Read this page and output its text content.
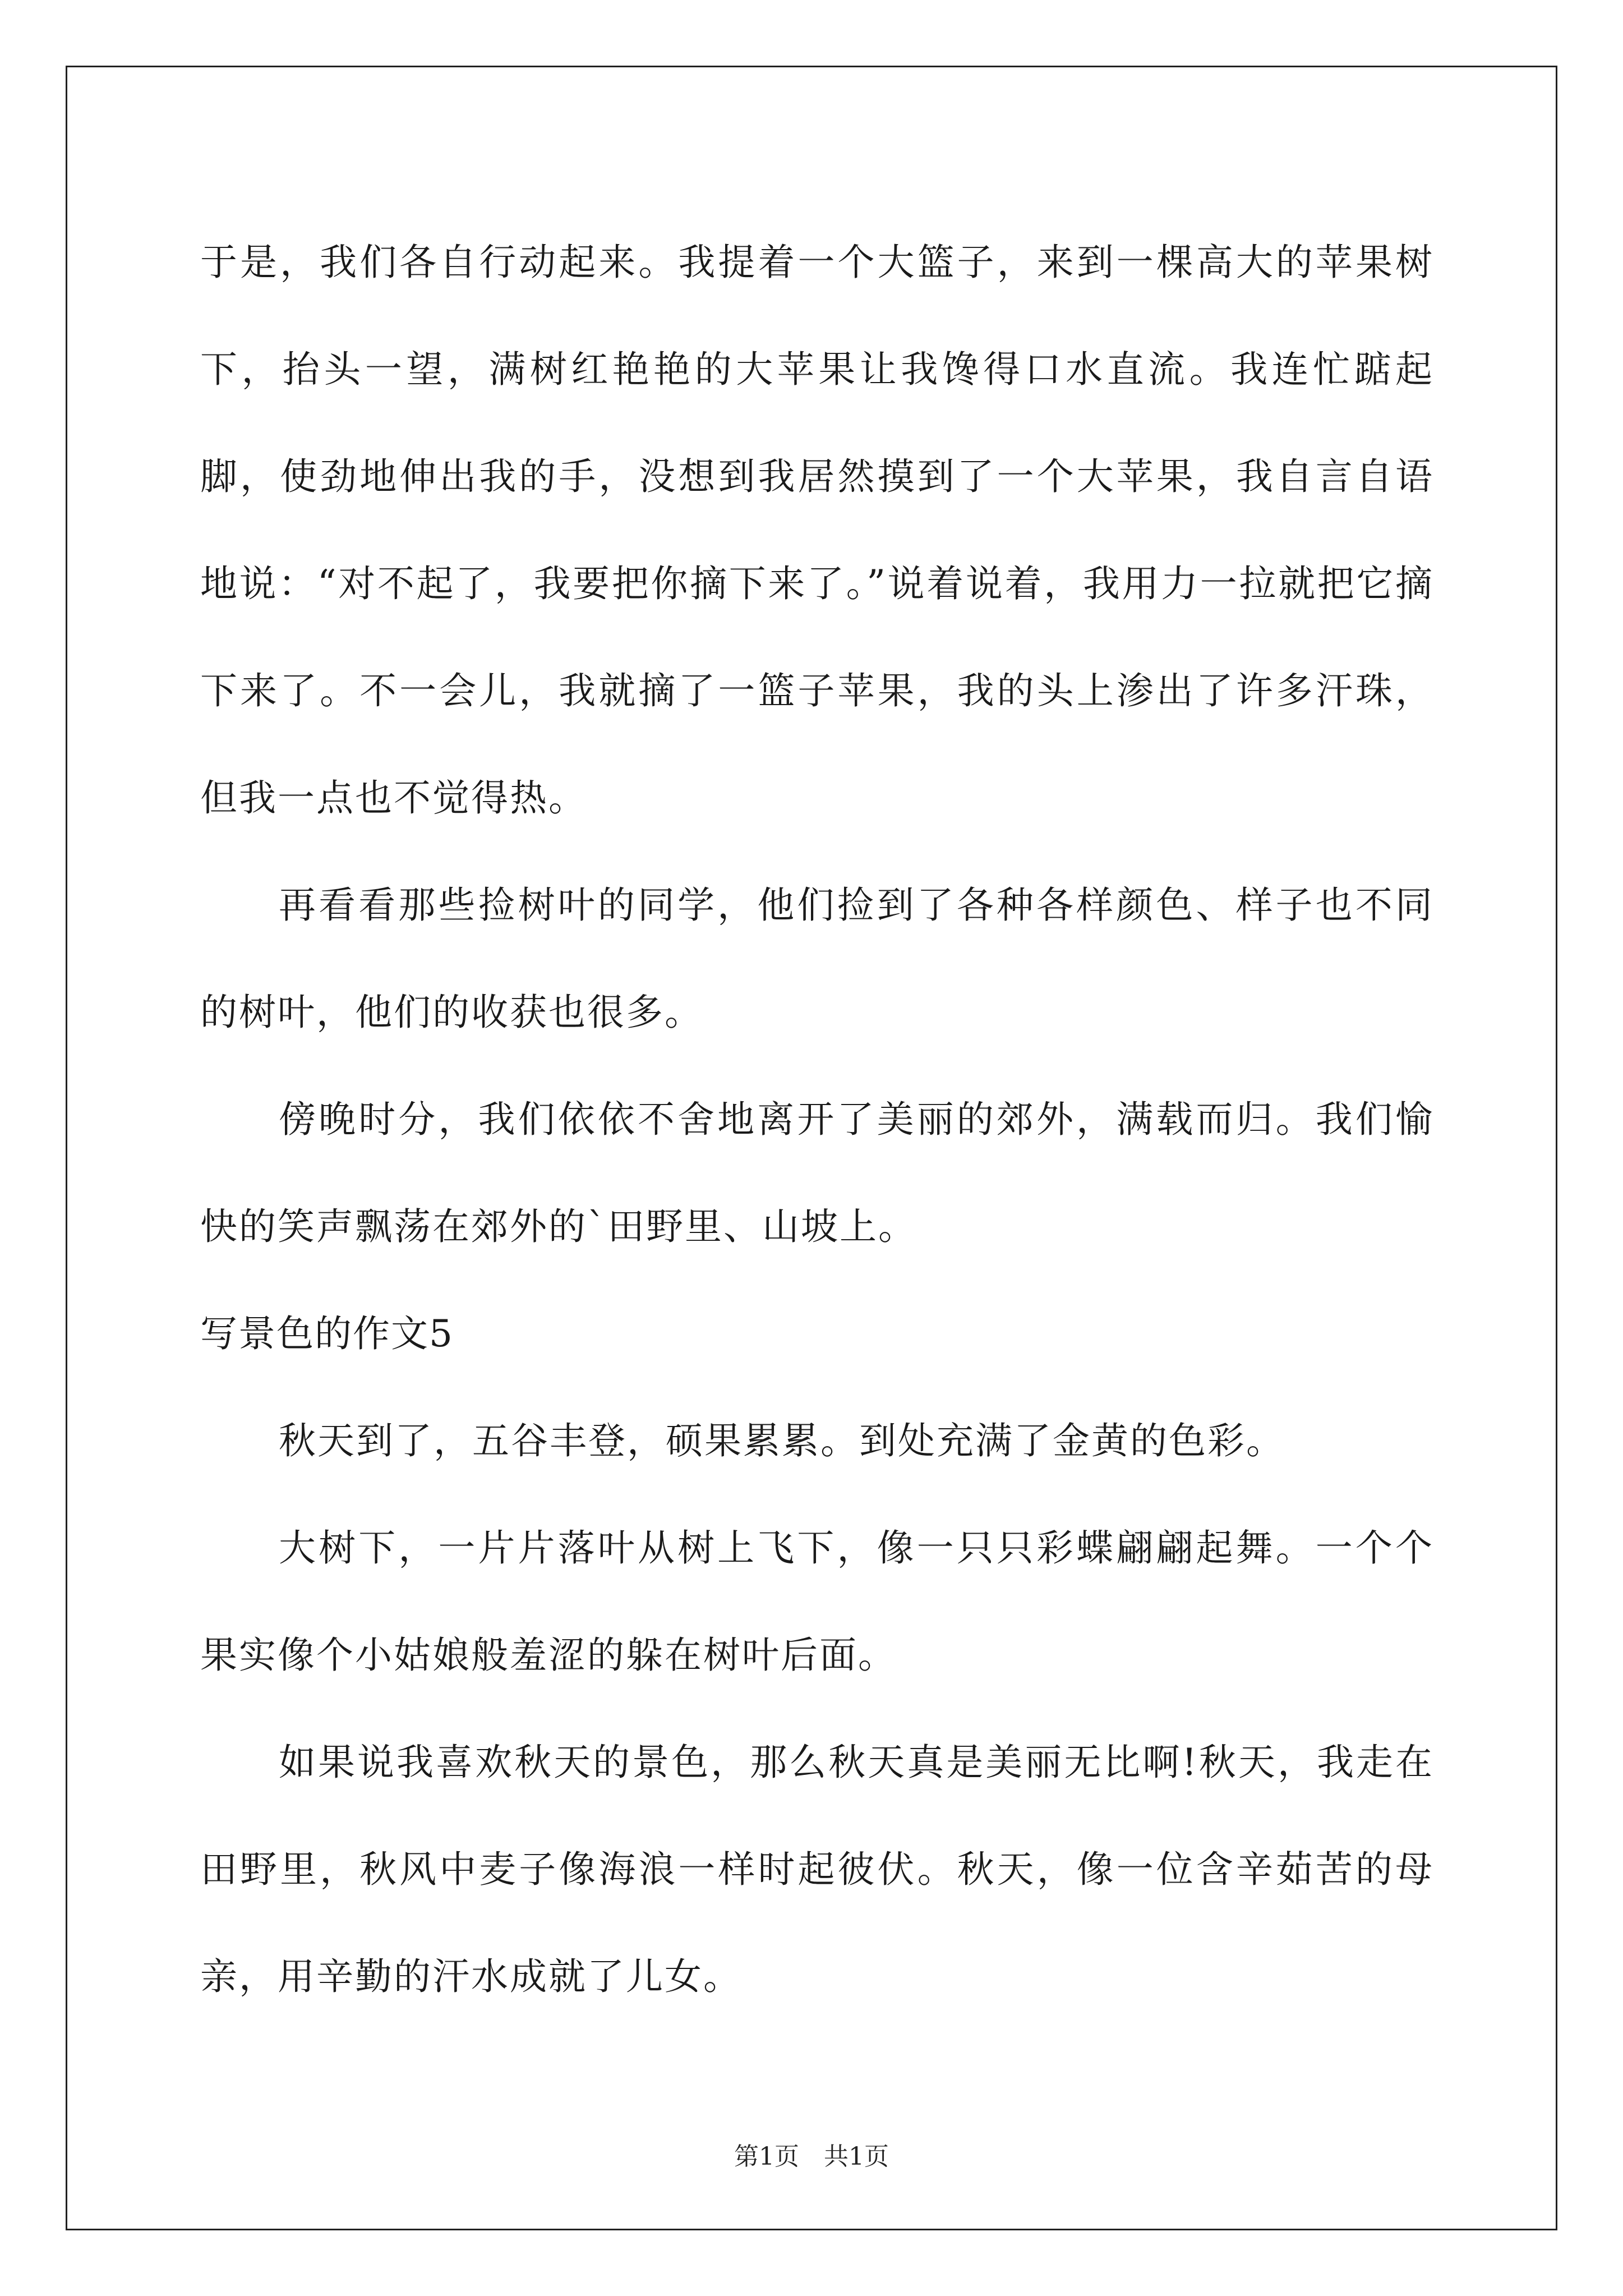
于是，我们各自行动起来。我提着一个大篮子，来到一棵高大的苹果树下，抬头一望，满树红艳艳的大苹果让我馋得口水直流。我连忙踮起脚，使劲地伸出我的手，没想到我居然摸到了一个大苹果，我自言自语地说：“对不起了，我要把你摘下来了。”说着说着，我用力一拉就把它摘下来了。不一会儿，我就摘了一篮子苹果，我的头上渗出了许多汗珠，但我一点也不觉得热。

再看看那些捡树叶的同学，他们捡到了各种各样颜色、样子也不同的树叶，他们的收获也很多。

傍晚时分，我们依依不舍地离开了美丽的郊外，满载而归。我们愉快的笑声飘荡在郊外的`田野里、山坡上。

写景色的作文5

秋天到了，五谷丰登，硕果累累。到处充满了金黄的色彩。

大树下，一片片落叶从树上飞下，像一只只彩蝶翩翩起舞。一个个果实像个小姑娘般羞涩的躲在树叶后面。

如果说我喜欢秋天的景色，那么秋天真是美丽无比啊!秋天，我走在田野里，秋风中麦子像海浪一样时起彼伏。秋天，像一位含辛茹苦的母亲，用辛勤的汗水成就了儿女。

第1页　共1页
